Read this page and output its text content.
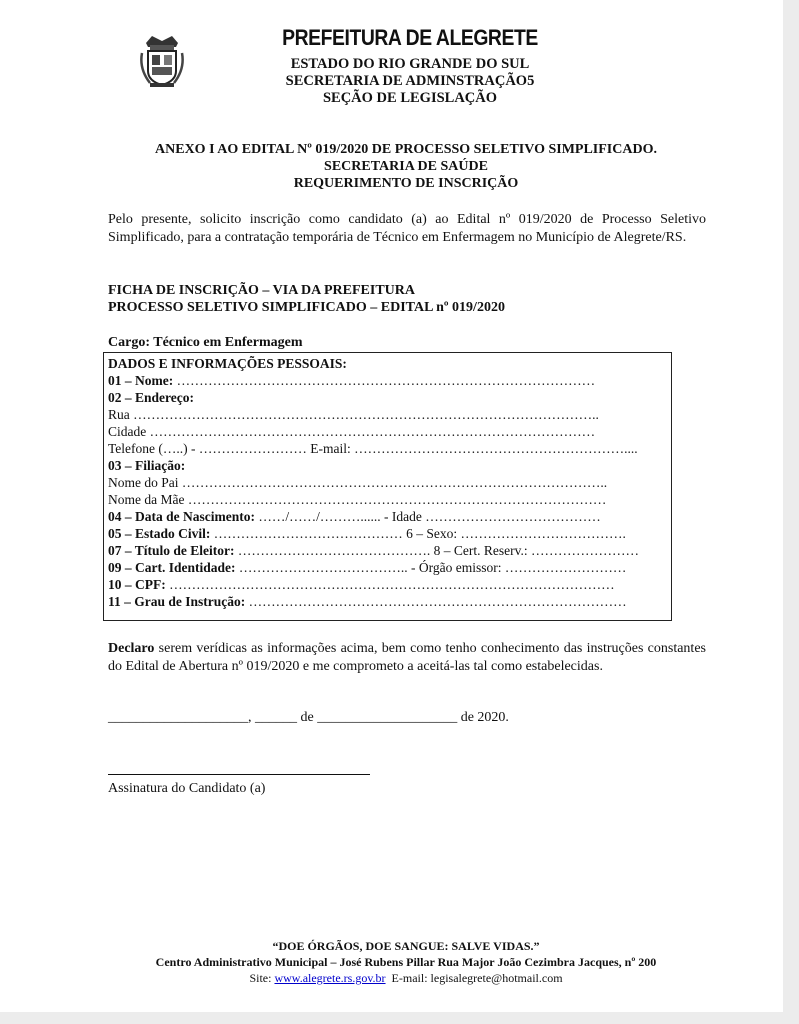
PREFEITURA DE ALEGRETE
ESTADO DO RIO GRANDE DO SUL
SECRETARIA DE ADMINSTRAÇÃO5
SEÇÃO DE LEGISLAÇÃO
ANEXO I AO EDITAL Nº 019/2020 DE PROCESSO SELETIVO SIMPLIFICADO.
SECRETARIA DE SAÚDE
REQUERIMENTO DE INSCRIÇÃO
Pelo presente, solicito inscrição como candidato (a) ao Edital nº 019/2020 de Processo Seletivo Simplificado, para a contratação temporária de Técnico em Enfermagem no Município de Alegrete/RS.
FICHA DE INSCRIÇÃO – VIA DA PREFEITURA
PROCESSO SELETIVO SIMPLIFICADO – EDITAL nº 019/2020
Cargo: Técnico em Enfermagem
DADOS E INFORMAÇÕES PESSOAIS:
01 – Nome: …………………………………………………………………………………
02 – Endereço:
Rua …………………………………………………………………………………………..
Cidade ………………………………………………………………………………………
Telefone (…..) - …………………… E-mail: ……………………………………………………....
03 – Filiação:
Nome do Pai …………………………………………………………………………………..
Nome da Mãe …………………………………………………………………………………
04 – Data de Nascimento: ……/……/………...... - Idade …………………………………
05 – Estado Civil: …………………………………… 6 – Sexo: ……………………………….
07 – Título de Eleitor: ……………………………………. 8 – Cert. Reserv.: ……………………
09 – Cart. Identidade: ……………………………….. - Órgão emissor: ………………………
10 – CPF: ………………………………………………………………………………………
11 – Grau de Instrução: …………………………………………………………………………
Declaro serem verídicas as informações acima, bem como tenho conhecimento das instruções constantes do Edital de Abertura nº 019/2020 e me comprometo a aceitá-las tal como estabelecidas.
____________________, ______ de ____________________ de 2020.
Assinatura do Candidato (a)
“DOE ÓRGÃOS, DOE SANGUE: SALVE VIDAS.”
Centro Administrativo Municipal – José Rubens Pillar Rua Major João Cezimbra Jacques, nº 200
Site: www.alegrete.rs.gov.br E-mail: legisalegrete@hotmail.com
